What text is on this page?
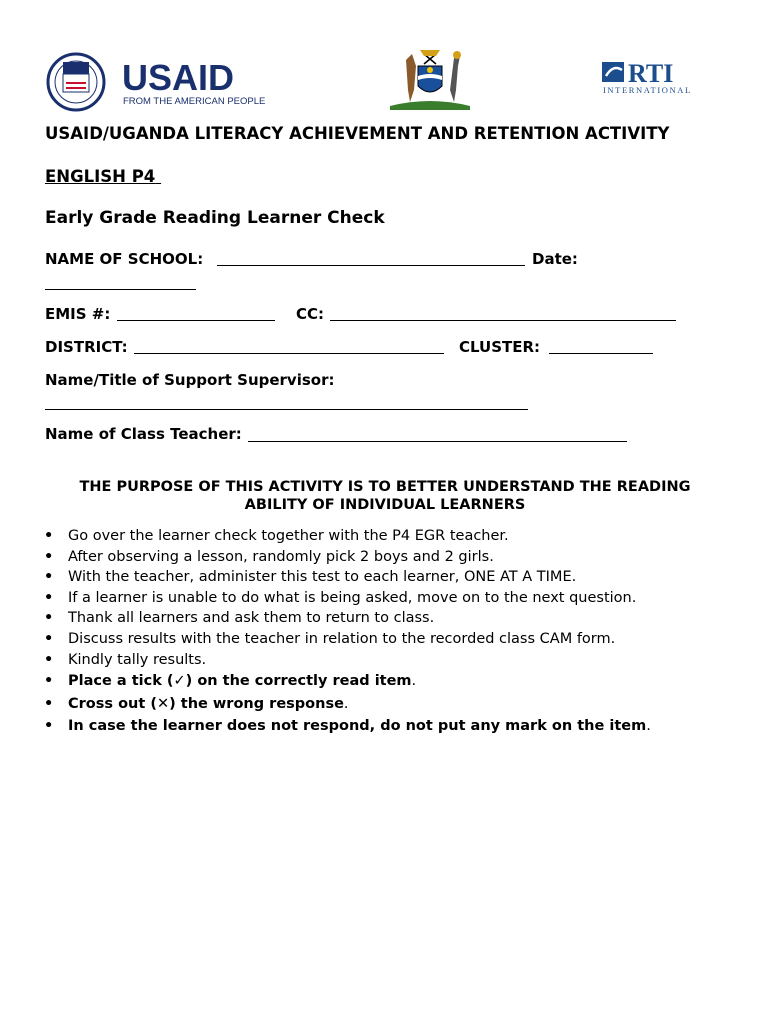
USAID
FROM THE AMERICAN PEOPLE
RTI
INTERNATIONAL
USAID/UGANDA LITERACY ACHIEVEMENT AND RETENTION ACTIVITY
ENGLISH P4
Early Grade Reading Learner Check
NAME OF SCHOOL:	Date:
EMIS #:	CC:
DISTRICT:	CLUSTER:
Name/Title of Support Supervisor:
Name of Class Teacher:
THE PURPOSE OF THIS ACTIVITY IS TO BETTER UNDERSTAND THE READING
ABILITY OF INDIVIDUAL LEARNERS
• Go over the learner check together with the P4 EGR teacher.
• After observing a lesson, randomly pick 2 boys and 2 girls.
• With the teacher, administer this test to each learner, ONE AT A TIME.
• If a learner is unable to do what is being asked, move on to the next question.
• Thank all learners and ask them to return to class.
• Discuss results with the teacher in relation to the recorded class CAM form.
• Kindly tally results.
• Place a tick (✓) on the correctly read item.
• Cross out (✕) the wrong response.
• In case the learner does not respond, do not put any mark on the item.
